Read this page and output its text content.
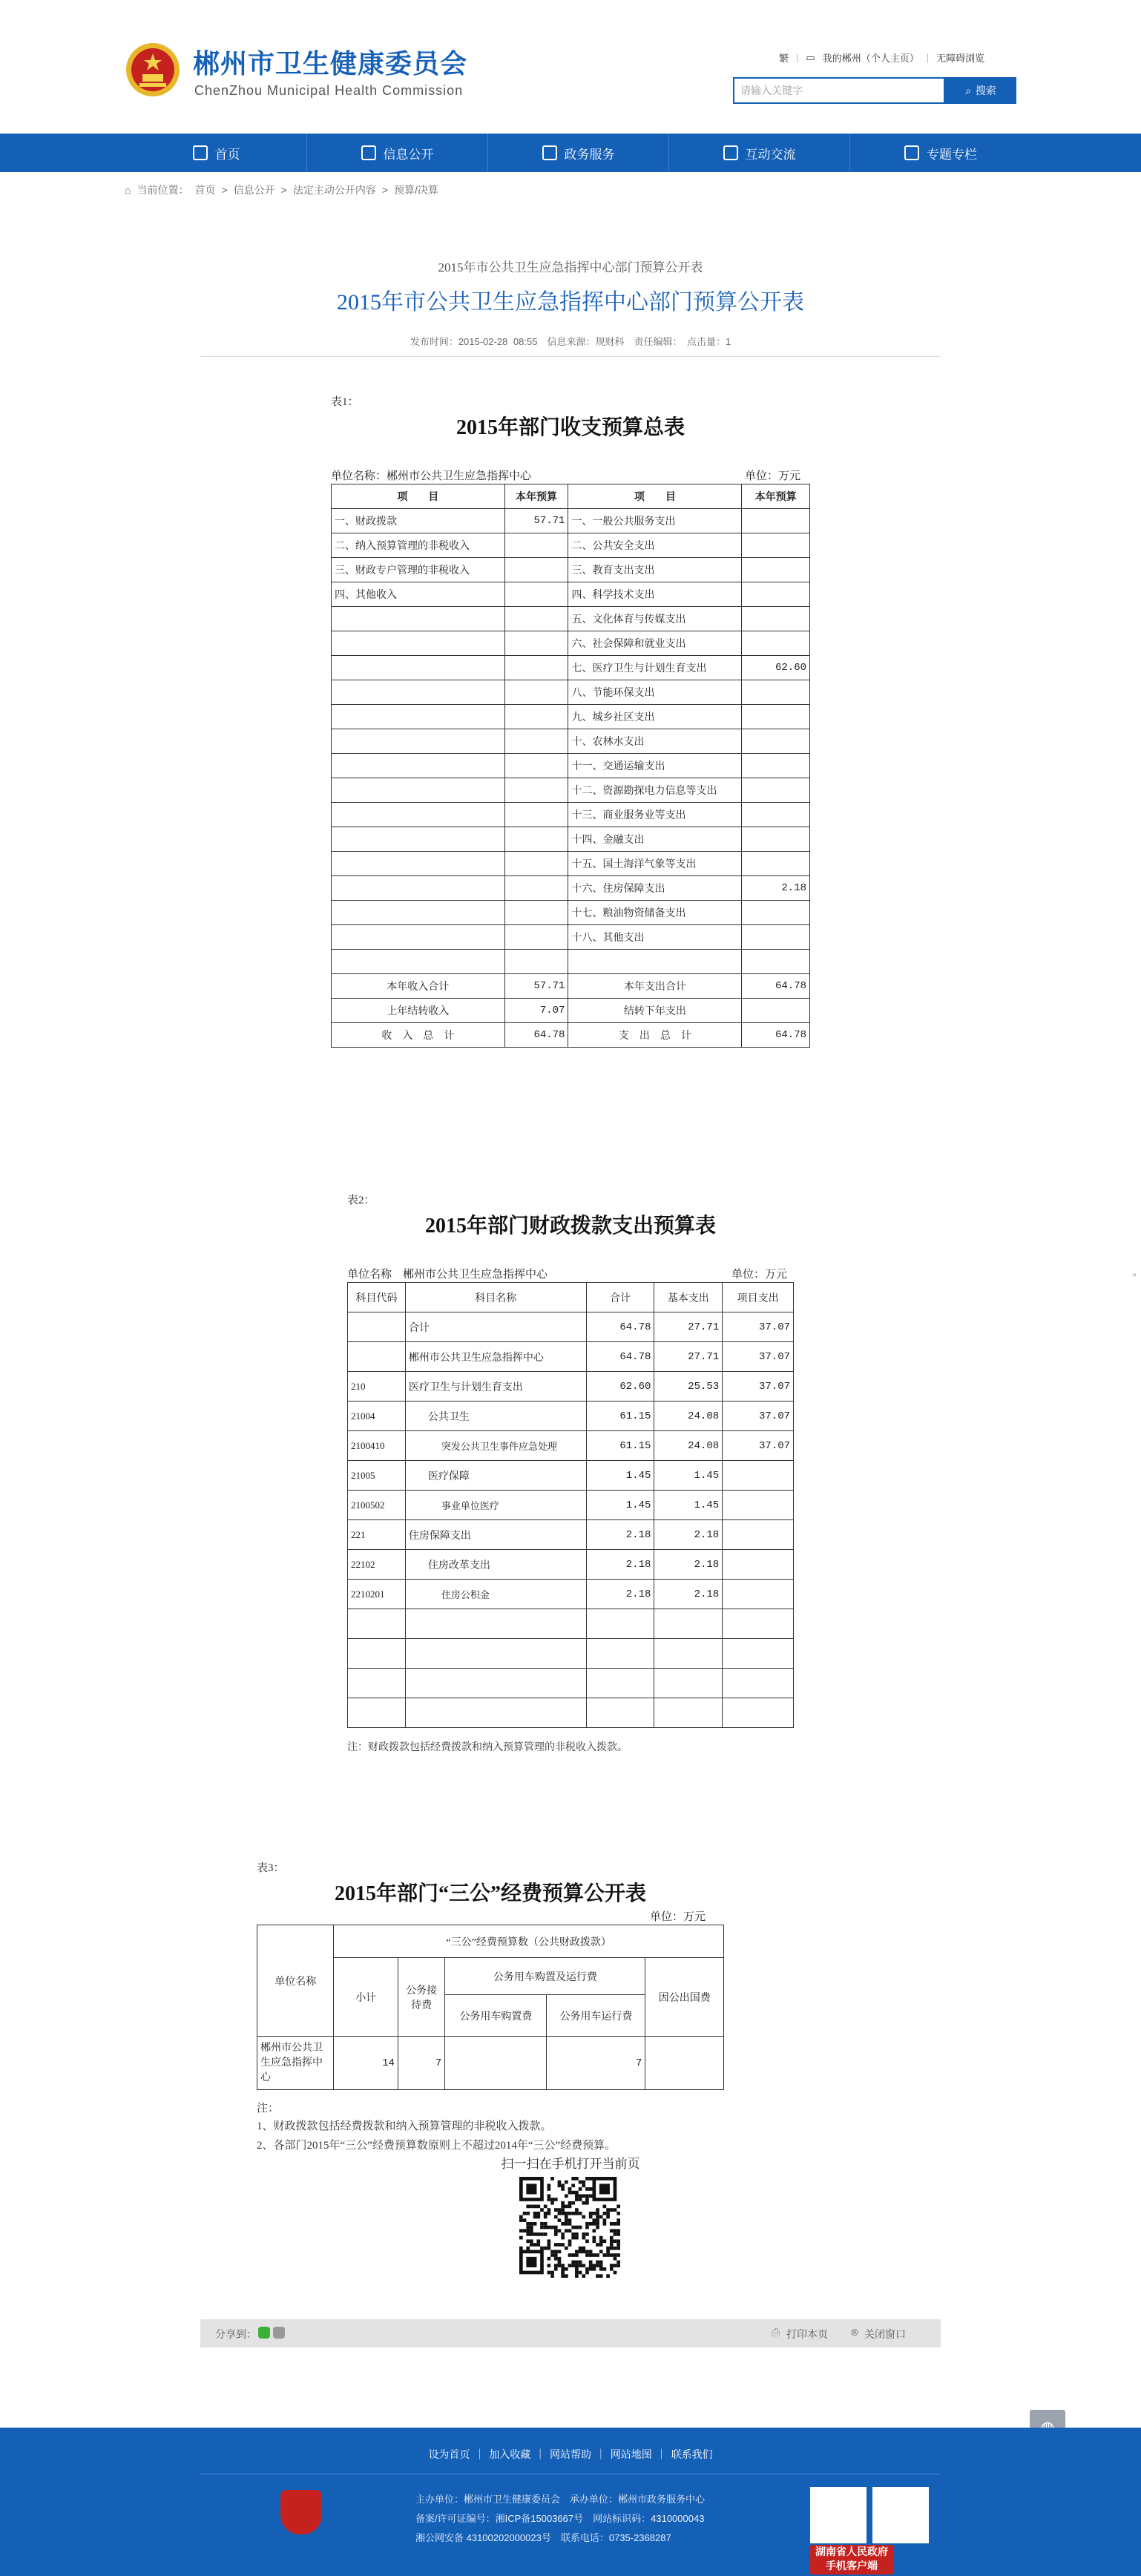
郴州市卫生健康委员会
ChenZhou Municipal Health Commission
繁 | ▭ 我的郴州（个人主页） | 无障碍浏览
请输入关键字	⌕ 搜索
首页	信息公开	政务服务	互动交流	专题专栏
⌂ 当前位置： 首页 > 信息公开 > 法定主动公开内容 > 预算/决算
2015年市公共卫生应急指挥中心部门预算公开表
2015年市公共卫生应急指挥中心部门预算公开表
发布时间：2015-02-28 08:55　信息来源：规财科　责任编辑：　点击量：1
表1：
2015年部门收支预算总表
单位名称：郴州市公共卫生应急指挥中心	单位：万元
项　　目	本年预算	项　　目	本年预算
一、财政拨款	57.71	一、一般公共服务支出	
二、纳入预算管理的非税收入		二、公共安全支出	
三、财政专户管理的非税收入		三、教育支出支出	
四、其他收入		四、科学技术支出	
		五、文化体育与传媒支出	
		六、社会保障和就业支出	
		七、医疗卫生与计划生育支出	62.60
		八、节能环保支出	
		九、城乡社区支出	
		十、农林水支出	
		十一、交通运输支出	
		十二、资源勘探电力信息等支出	
		十三、商业服务业等支出	
		十四、金融支出	
		十五、国土海洋气象等支出	
		十六、住房保障支出	2.18
		十七、粮油物资储备支出	
		十八、其他支出	

本年收入合计	57.71	本年支出合计	64.78
上年结转收入	7.07	结转下年支出	
收　入　总　计	64.78	支　出　总　计	64.78
表2：
2015年部门财政拨款支出预算表
单位名称　郴州市公共卫生应急指挥中心	单位：万元
科目代码	科目名称	合计	基本支出	项目支出
	合计	64.78	27.71	37.07
	郴州市公共卫生应急指挥中心	64.78	27.71	37.07
210	医疗卫生与计划生育支出	62.60	25.53	37.07
21004	公共卫生	61.15	24.08	37.07
2100410	突发公共卫生事件应急处理	61.15	24.08	37.07
21005	医疗保障	1.45	1.45	
2100502	事业单位医疗	1.45	1.45	
221	住房保障支出	2.18	2.18	
22102	住房改革支出	2.18	2.18	
2210201	住房公积金	2.18	2.18	

注：财政拨款包括经费拨款和纳入预算管理的非税收入拨款。
表3：
2015年部门“三公”经费预算公开表
单位：万元
单位名称	“三公”经费预算数（公共财政拨款）				
	小计	公务接待费	公务用车购置及运行费		因公出国费
			公务用车购置费	公务用车运行费	
郴州市公共卫生应急指挥中心	14	7		7	
注：
1、财政拨款包括经费拨款和纳入预算管理的非税收入拨款。
2、各部门2015年“三公”经费预算数原则上不超过2014年“三公”经费预算。
扫一扫在手机打开当前页
分享到：	⎙ 打印本页 ⊗ 关闭窗口
«
设为首页 ｜ 加入收藏 ｜ 网站帮助 ｜ 网站地图 ｜ 联系我们
主办单位：郴州市卫生健康委员会　承办单位：郴州市政务服务中心
备案/许可证编号：湘ICP备15003667号　网站标识码：4310000043
湘公网安备 43100202000023号　联系电话：0735-2368287
湖南省人民政府
手机客户端
